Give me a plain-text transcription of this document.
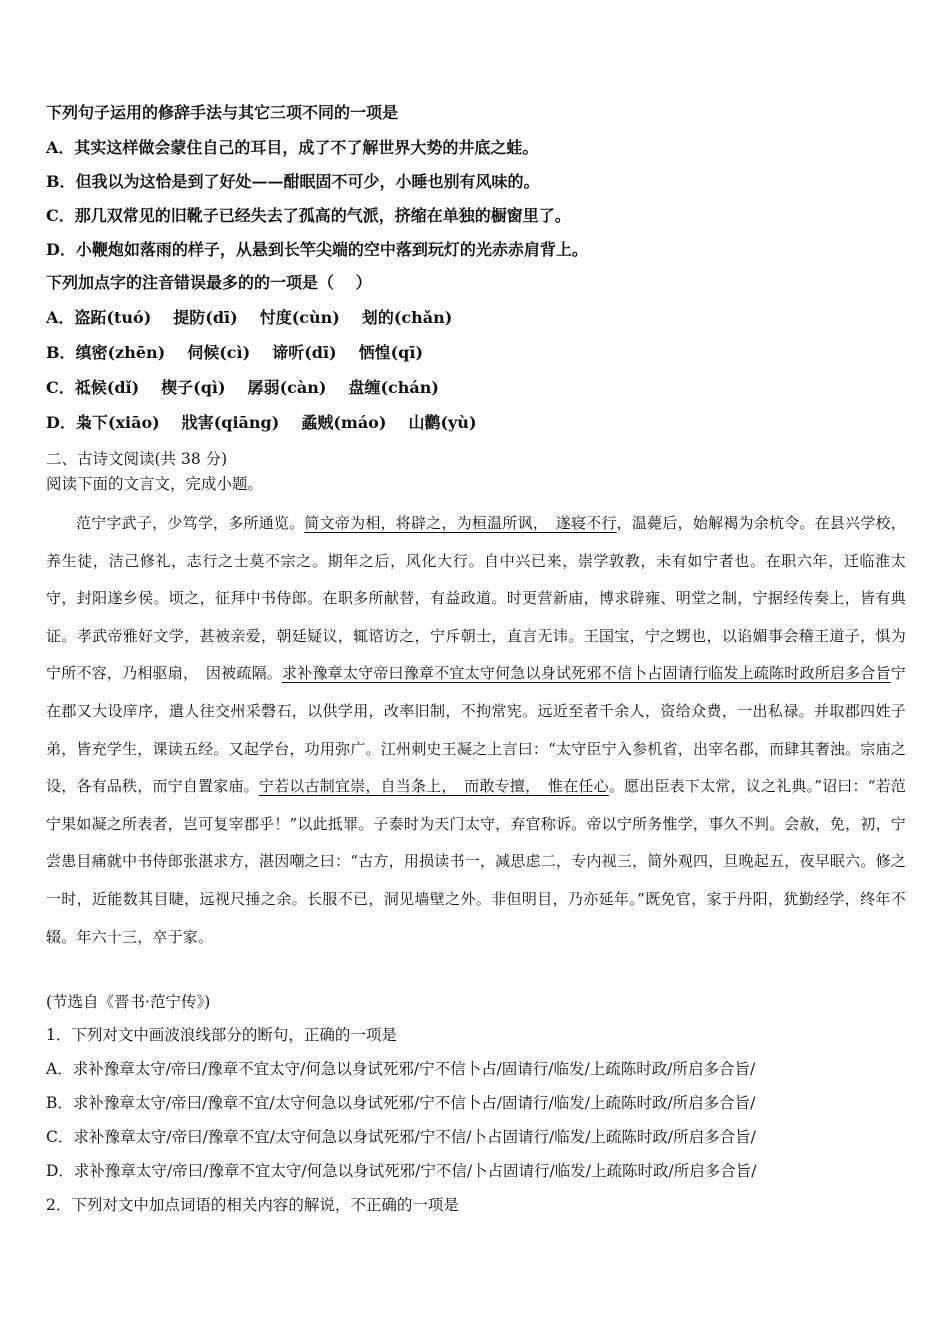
下列句子运用的修辞手法与其它三项不同的一项是
A．其实这样做会蒙住自己的耳目，成了不了解世界大势的井底之蛙。
B．但我以为这恰是到了好处——酣眠固不可少，小睡也别有风味的。
C．那几双常见的旧靴子已经失去了孤高的气派，挤缩在单独的橱窗里了。
D．小鞭炮如落雨的样子，从悬到长竿尖端的空中落到玩灯的光赤赤肩背上。
下列加点字的注音错误最多的的一项是（　 ）
A．盗跖(tuó) 提防(dī) 忖度(cùn) 刬的(chǎn)
B．缜密(zhēn) 伺候(cì) 谛听(dī) 恓惶(qī)
C．祗候(dǐ) 楔子(qì) 孱弱(càn) 盘缠(chán)
D．枭下(xiāo) 戕害(qiāng) 蟊贼(máo) 山鹳(yù)
二、古诗文阅读(共 38 分)
阅读下面的文言文，完成小题。
范宁字武子，少笃学，多所通览。简文帝为相，将辟之，为桓温所讽，　遂寝不行，温薨后，始解褐为余杭令。在县兴学校，养生徒，洁己修礼，志行之士莫不宗之。期年之后，风化大行。自中兴已来，崇学敦教，未有如宁者也。在职六年，迁临淮太守，封阳遂乡侯。顷之，征拜中书侍郎。在职多所献替，有益政道。时更营新庙，博求辟雍、明堂之制，宁据经传奏上，皆有典证。孝武帝雅好文学，甚被亲爱，朝廷疑议，辄谘访之，宁斥朝士，直言无讳。王国宝，宁之甥也，以谄媚事会稽王道子，惧为宁所不容，乃相驱扇，　因被疏隔。求补豫章太守帝曰豫章不宜太守何急以身试死邪不信卜占固请行临发上疏陈时政所启多合旨宁在郡又大设庠序，遣人往交州采磬石，以供学用，改率旧制，不拘常宪。远近至者千余人，资给众费，一出私禄。并取郡四姓子弟，皆充学生，课读五经。又起学台，功用弥广。江州刺史王凝之上言曰：“太守臣宁入参机省，出宰名郡，而肆其奢浊。宗庙之设，各有品秩，而宁自置家庙。宁若以古制宜崇，自当条上，　而敢专擅，　惟在任心。愿出臣表下太常，议之礼典。”诏曰：“若范宁果如凝之所表者，岂可复宰郡乎！”以此抵罪。子泰时为天门太守，弃官称诉。帝以宁所务惟学，事久不判。会赦，免，初，宁尝患目痛就中书侍郎张湛求方，湛因嘲之曰：“古方，用损读书一，减思虑二，专内视三，简外观四，旦晚起五，夜早眠六。修之一时，近能数其目睫，远视尺捶之余。长服不已，洞见墙壁之外。非但明目，乃亦延年。”既免官，家于丹阳，犹勤经学，终年不辍。年六十三，卒于家。
(节选自《晋书·范宁传》)
1．下列对文中画波浪线部分的断句，正确的一项是
A．求补豫章太守/帝曰/豫章不宜太守/何急以身试死邪/宁不信卜占/固请行/临发/上疏陈时政/所启多合旨/
B．求补豫章太守/帝曰/豫章不宜/太守何急以身试死邪/宁不信卜占/固请行/临发/上疏陈时政/所启多合旨/
C．求补豫章太守/帝曰/豫章不宜/太守何急以身试死邪/宁不信/卜占固请行/临发/上疏陈时政/所启多合旨/
D．求补豫章太守/帝曰/豫章不宜太守/何急以身试死邪/宁不信/卜占固请行/临发/上疏陈时政/所启多合旨/
2．下列对文中加点词语的相关内容的解说，不正确的一项是
